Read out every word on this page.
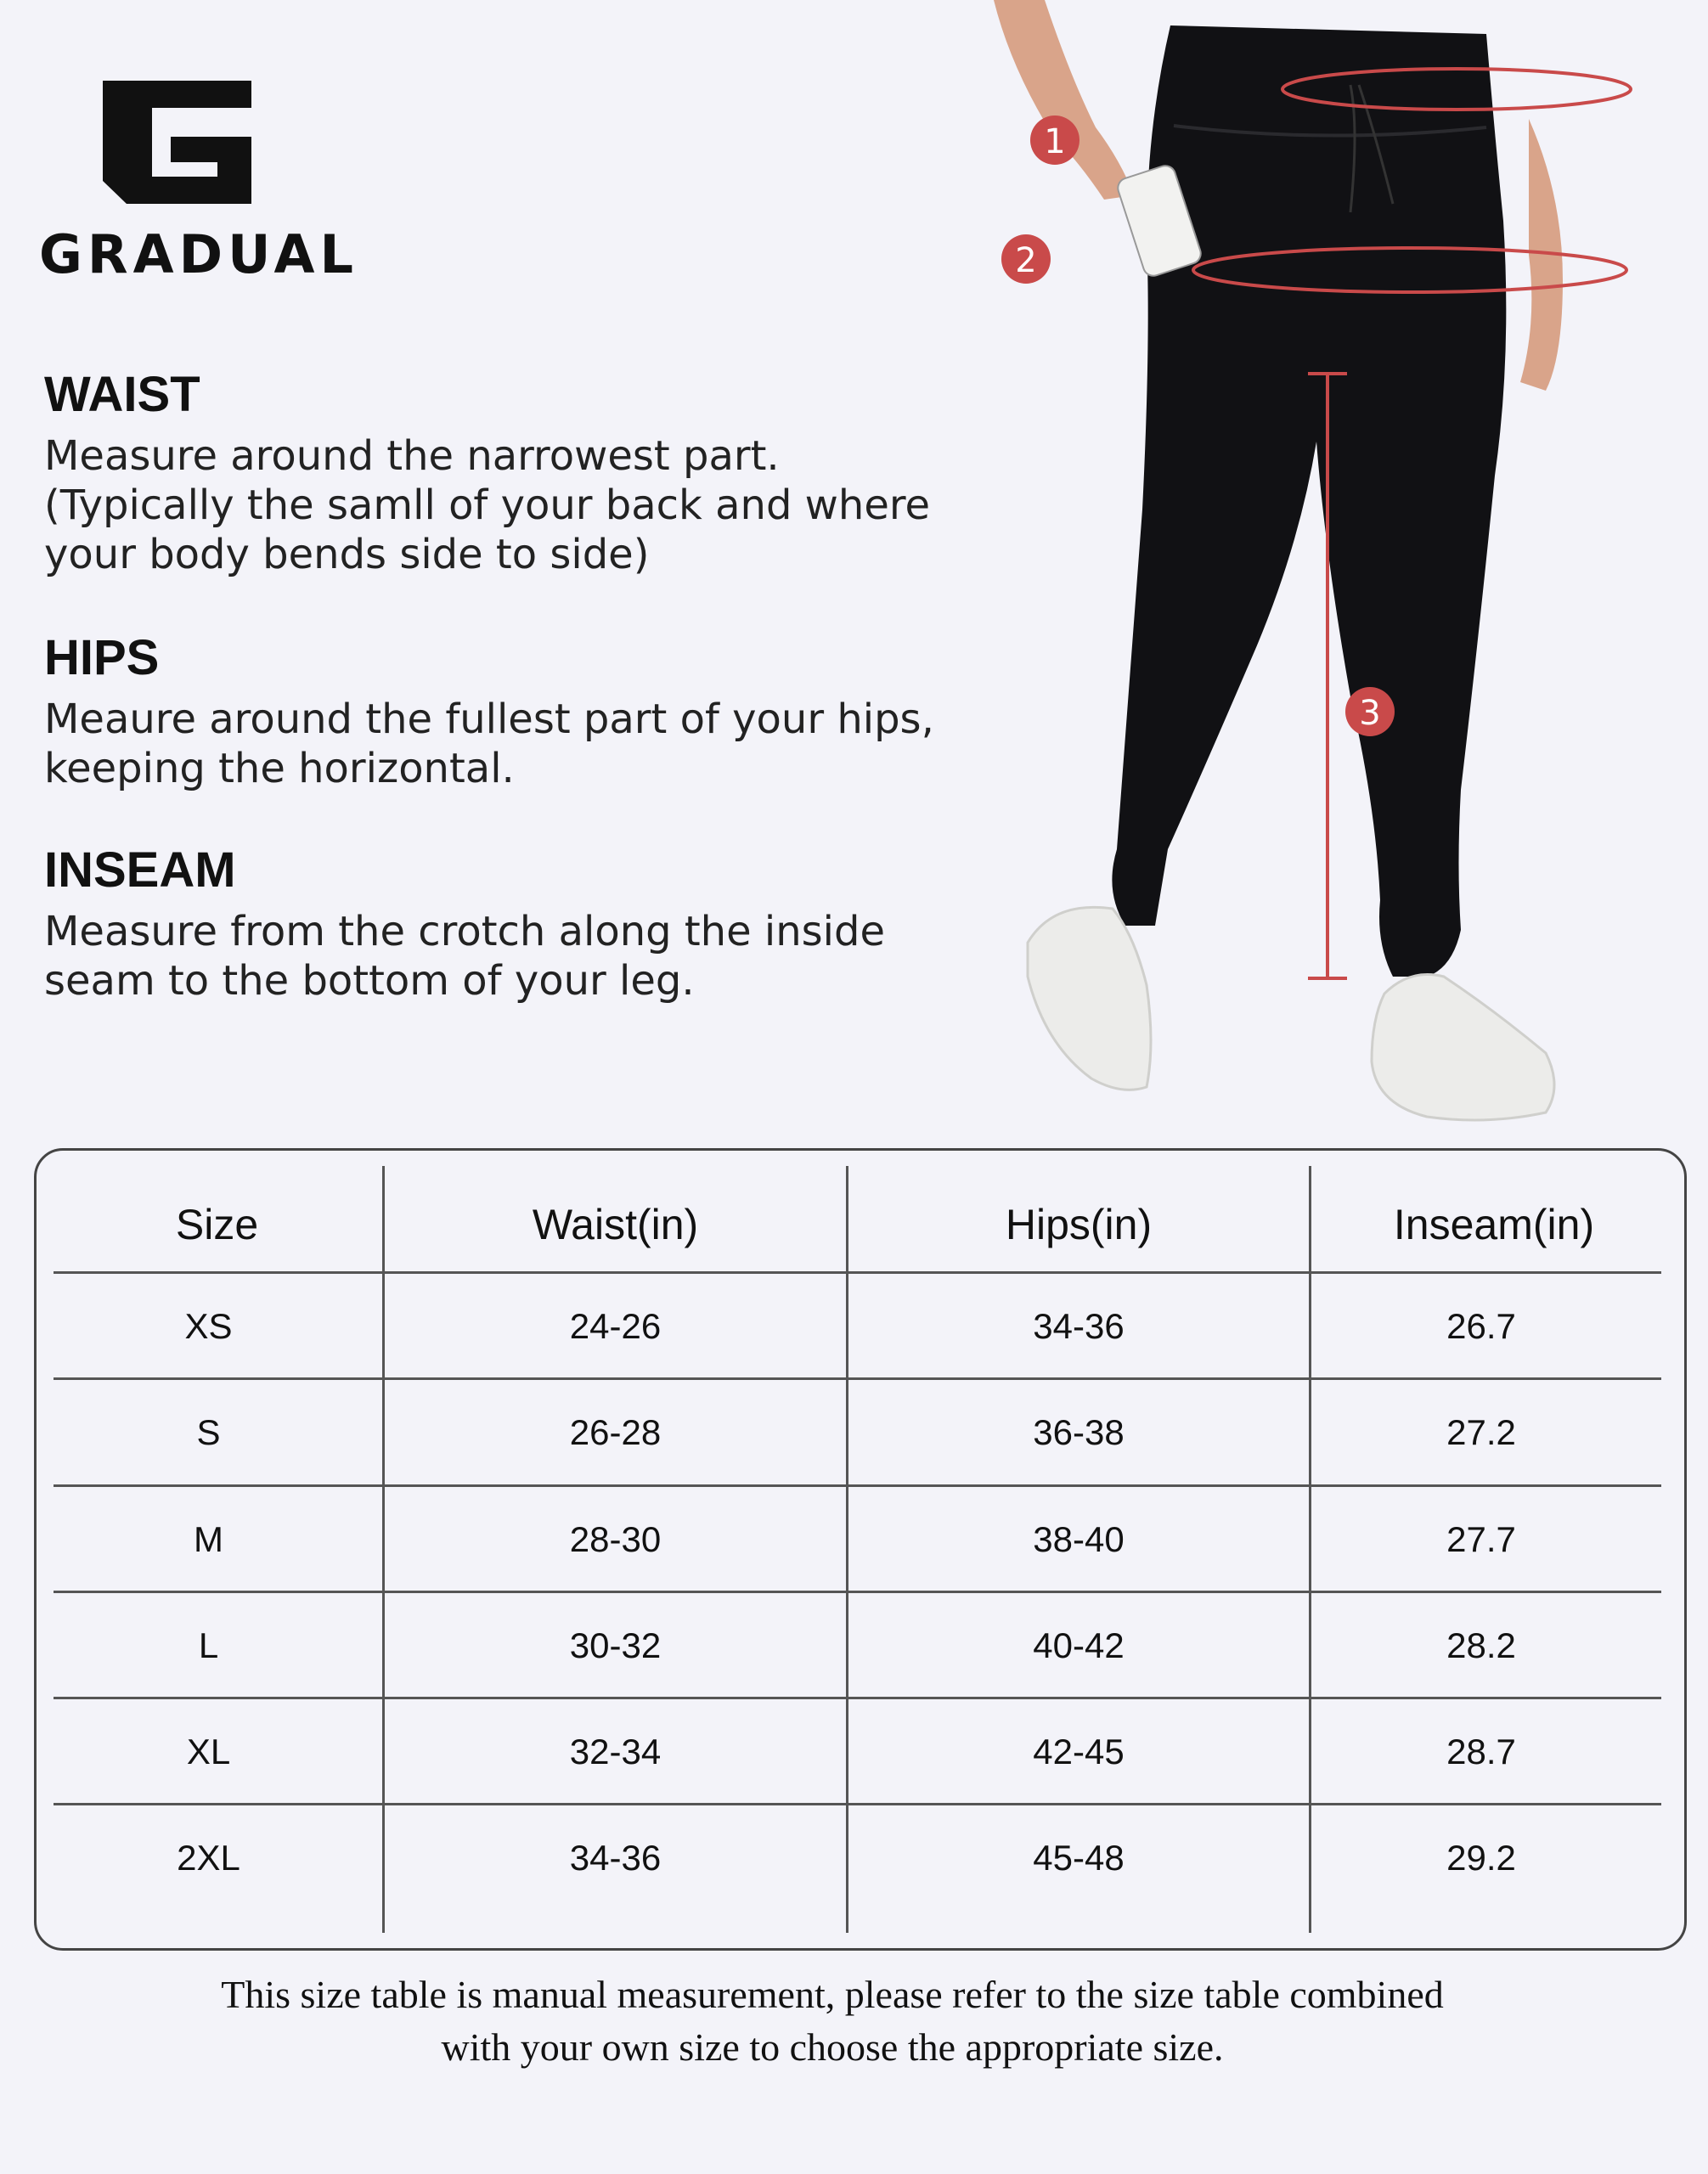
GRADUAL
WAIST

Measure around the narrowest part.
(Typically the samll of your back and where
your body bends side to side)

HIPS

Meaure around the fullest part of your hips,
keeping the horizontal.

INSEAM

Measure from the crotch along the inside
seam to the bottom of your leg.

1
2
3
Size	Waist(in)	Hips(in)	Inseam(in)
XS	24-26	34-36	26.7
S	26-28	36-38	27.2
M	28-30	38-40	27.7
L	30-32	40-42	28.2
XL	32-34	42-45	28.7
2XL	34-36	45-48	29.2
This size table is manual measurement, please refer to the size table combined
with your own size to choose the appropriate size.
